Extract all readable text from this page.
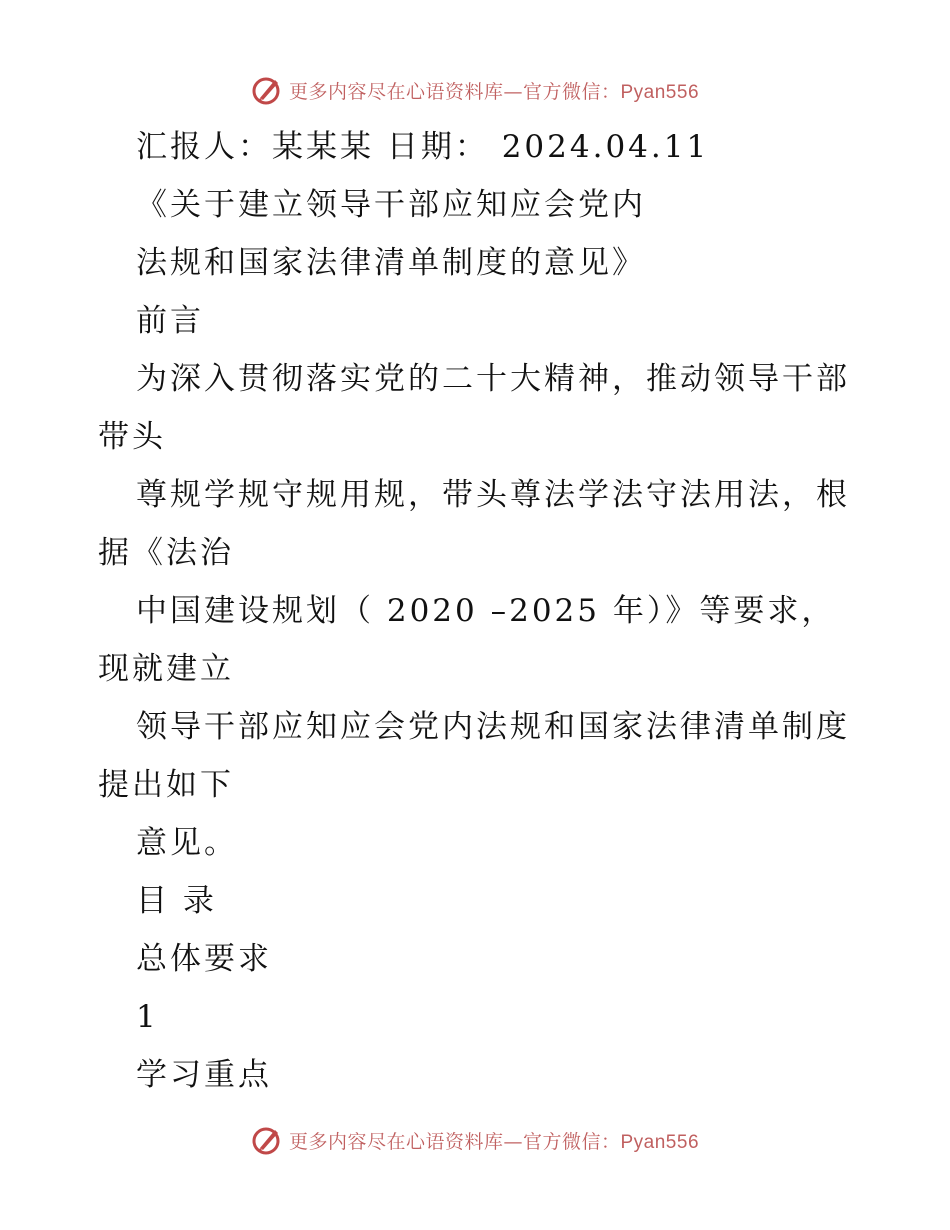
更多内容尽在心语资料库—官方微信：Pyan556
汇报人：某某某 日期： 2024.04.11
《关于建立领导干部应知应会党内
法规和国家法律清单制度的意见》
前言
为深入贯彻落实党的二十大精神，推动领导干部
带头
尊规学规守规用规，带头尊法学法守法用法，根
据《法治
中国建设规划（ 2020 –2025 年）》等要求，
现就建立
领导干部应知应会党内法规和国家法律清单制度
提出如下
意见。
目 录
总体要求
1
学习重点
更多内容尽在心语资料库—官方微信：Pyan556
